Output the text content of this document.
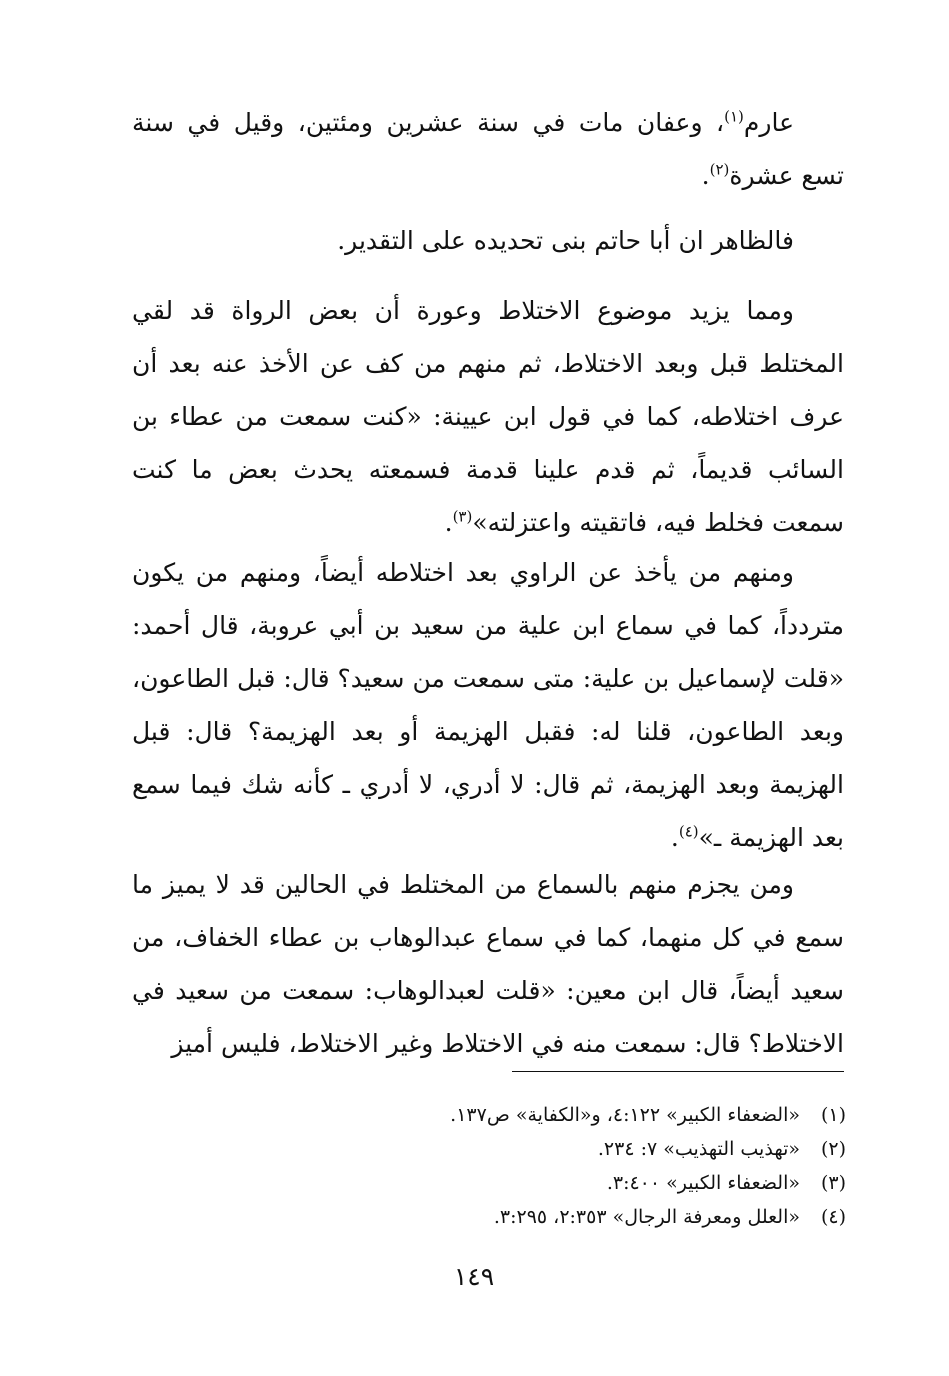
عارم$^{(١)}$، وعفان مات في سنة عشرين ومئتين، وقيل في سنة تسع عشرة$^{(٢)}$.

فالظاهر ان أبا حاتم بنى تحديده على التقدير.

ومما يزيد موضوع الاختلاط وعورة أن بعض الرواة قد لقي المختلط قبل وبعد الاختلاط، ثم منهم من كف عن الأخذ عنه بعد أن عرف اختلاطه، كما في قول ابن عيينة: «كنت سمعت من عطاء بن السائب قديماً، ثم قدم علينا قدمة فسمعته يحدث بعض ما كنت سمعت فخلط فيه، فاتقيته واعتزلته»$^{(٣)}$.

ومنهم من يأخذ عن الراوي بعد اختلاطه أيضاً، ومنهم من يكون متردداً، كما في سماع ابن علية من سعيد بن أبي عروبة، قال أحمد: «قلت لإسماعيل بن علية: متى سمعت من سعيد؟ قال: قبل الطاعون، وبعد الطاعون، قلنا له: فقبل الهزيمة أو بعد الهزيمة؟ قال: قبل الهزيمة وبعد الهزيمة، ثم قال: لا أدري، لا أدري ـ كأنه شك فيما سمع بعد الهزيمة ـ»$^{(٤)}$.

ومن يجزم منهم بالسماع من المختلط في الحالين قد لا يميز ما سمع في كل منهما، كما في سماع عبدالوهاب بن عطاء الخفاف، من سعيد أيضاً، قال ابن معين: «قلت لعبدالوهاب: سمعت من سعيد في الاختلاط؟ قال: سمعت منه في الاختلاط وغير الاختلاط، فليس أميز

(١)
«الضعفاء الكبير» ٤:١٢٢، و«الكفاية» ص١٣٧.
(٢)
«تهذيب التهذيب» ٧: ٢٣٤.
(٣)
«الضعفاء الكبير» ٣:٤٠٠.
(٤)
«العلل ومعرفة الرجال» ٢:٣٥٣، ٣:٢٩٥.
١٤٩
